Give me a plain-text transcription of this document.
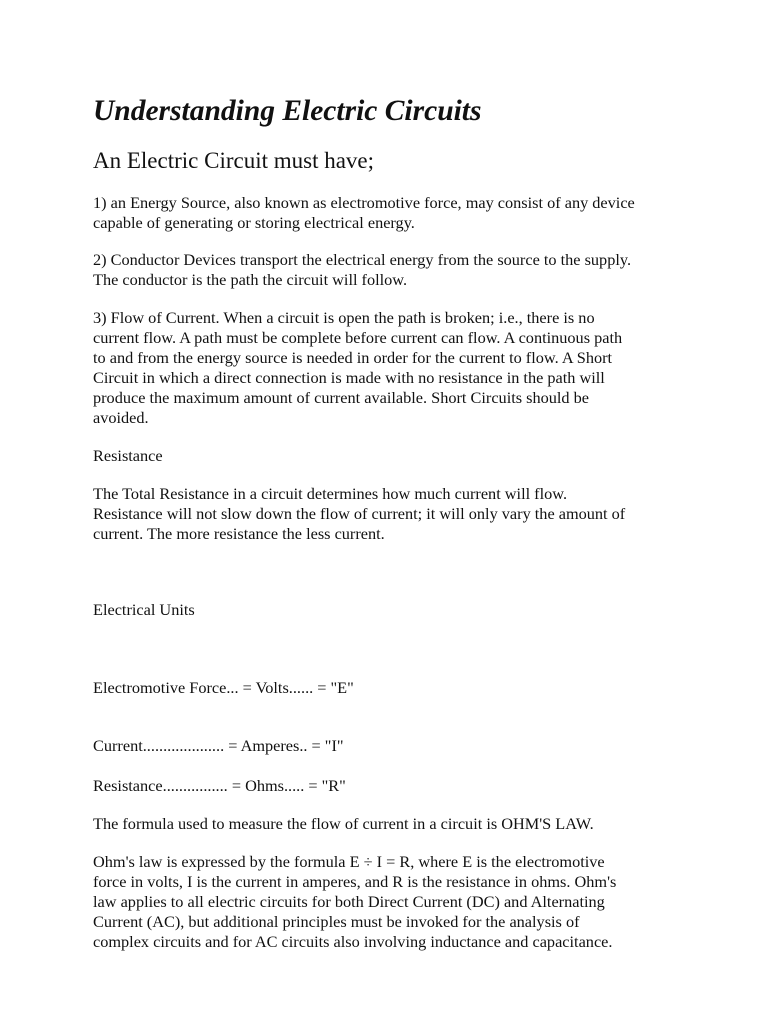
Understanding Electric Circuits
An Electric Circuit must have;

1) an Energy Source, also known as electromotive force, may consist of any device
capable of generating or storing electrical energy.

2) Conductor Devices transport the electrical energy from the source to the supply.
The conductor is the path the circuit will follow.

3) Flow of Current. When a circuit is open the path is broken; i.e., there is no
current flow. A path must be complete before current can flow. A continuous path
to and from the energy source is needed in order for the current to flow. A Short
Circuit in which a direct connection is made with no resistance in the path will
produce the maximum amount of current available. Short Circuits should be
avoided.

Resistance

The Total Resistance in a circuit determines how much current will flow.
Resistance will not slow down the flow of current; it will only vary the amount of
current. The more resistance the less current.

Electrical Units

Electromotive Force... = Volts...... = "E"

Current.................... = Amperes.. = "I"

Resistance................ = Ohms..... = "R"

The formula used to measure the flow of current in a circuit is OHM'S LAW.

Ohm's law is expressed by the formula E ÷ I = R, where E is the electromotive
force in volts, I is the current in amperes, and R is the resistance in ohms. Ohm's
law applies to all electric circuits for both Direct Current (DC) and Alternating
Current (AC), but additional principles must be invoked for the analysis of
complex circuits and for AC circuits also involving inductance and capacitance.
